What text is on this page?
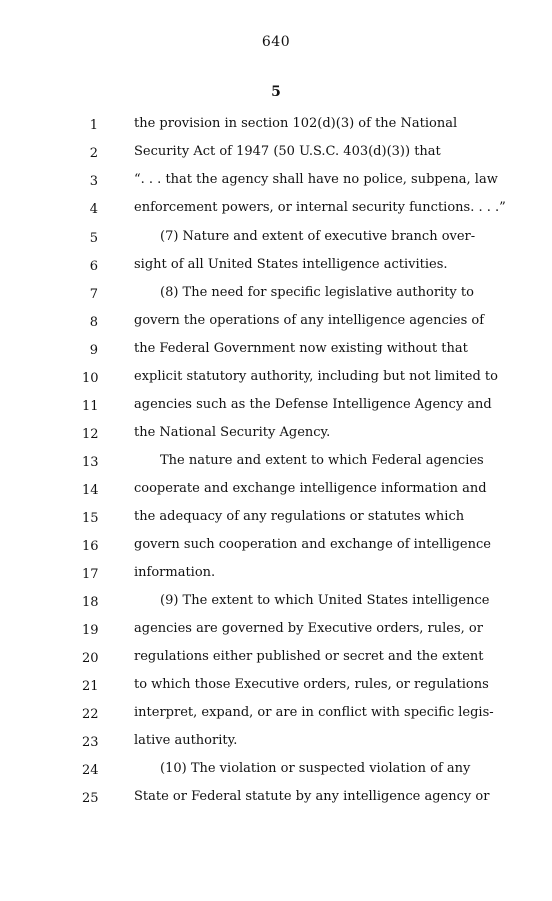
640
5
1	the provision in section 102(d)(3) of the National
2	Security Act of 1947 (50 U.S.C. 403(d)(3)) that
3	“. . . that the agency shall have no police, subpena, law
4	enforcement powers, or internal security functions. . . .”
5	(7) Nature and extent of executive branch over-
6	sight of all United States intelligence activities.
7	(8) The need for specific legislative authority to
8	govern the operations of any intelligence agencies of
9	the Federal Government now existing without that
10	explicit statutory authority, including but not limited to
11	agencies such as the Defense Intelligence Agency and
12	the National Security Agency.
13	The nature and extent to which Federal agencies
14	cooperate and exchange intelligence information and
15	the adequacy of any regulations or statutes which
16	govern such cooperation and exchange of intelligence
17	information.
18	(9) The extent to which United States intelligence
19	agencies are governed by Executive orders, rules, or
20	regulations either published or secret and the extent
21	to which those Executive orders, rules, or regulations
22	interpret, expand, or are in conflict with specific legis-
23	lative authority.
24	(10) The violation or suspected violation of any
25	State or Federal statute by any intelligence agency or
